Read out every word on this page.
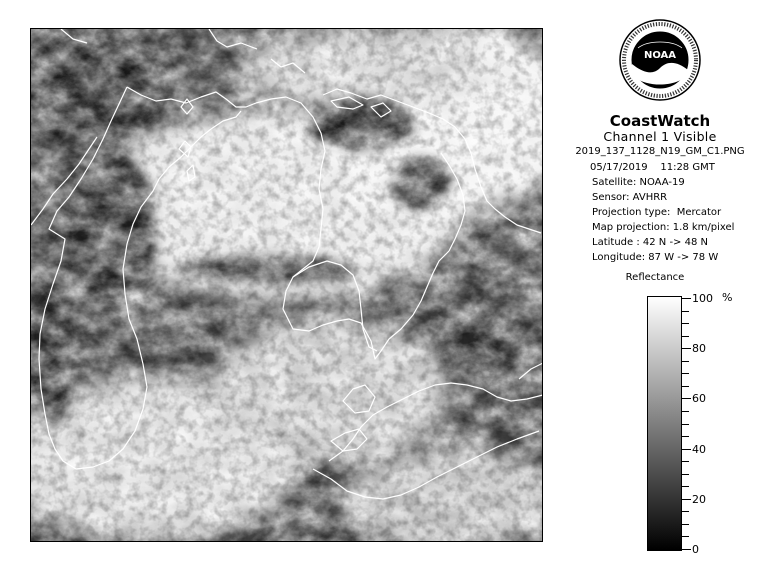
NOAA
CoastWatch
Channel 1 Visible
2019_137_1128_N19_GM_C1.PNG
05/17/2019    11:28 GMT
Satellite: NOAA-19
Sensor: AVHRR
Projection type:  Mercator
Map projection: 1.8 km/pixel
Latitude : 42 N -> 48 N
Longitude: 87 W -> 78 W
Reflectance
%
100
80
60
40
20
0
